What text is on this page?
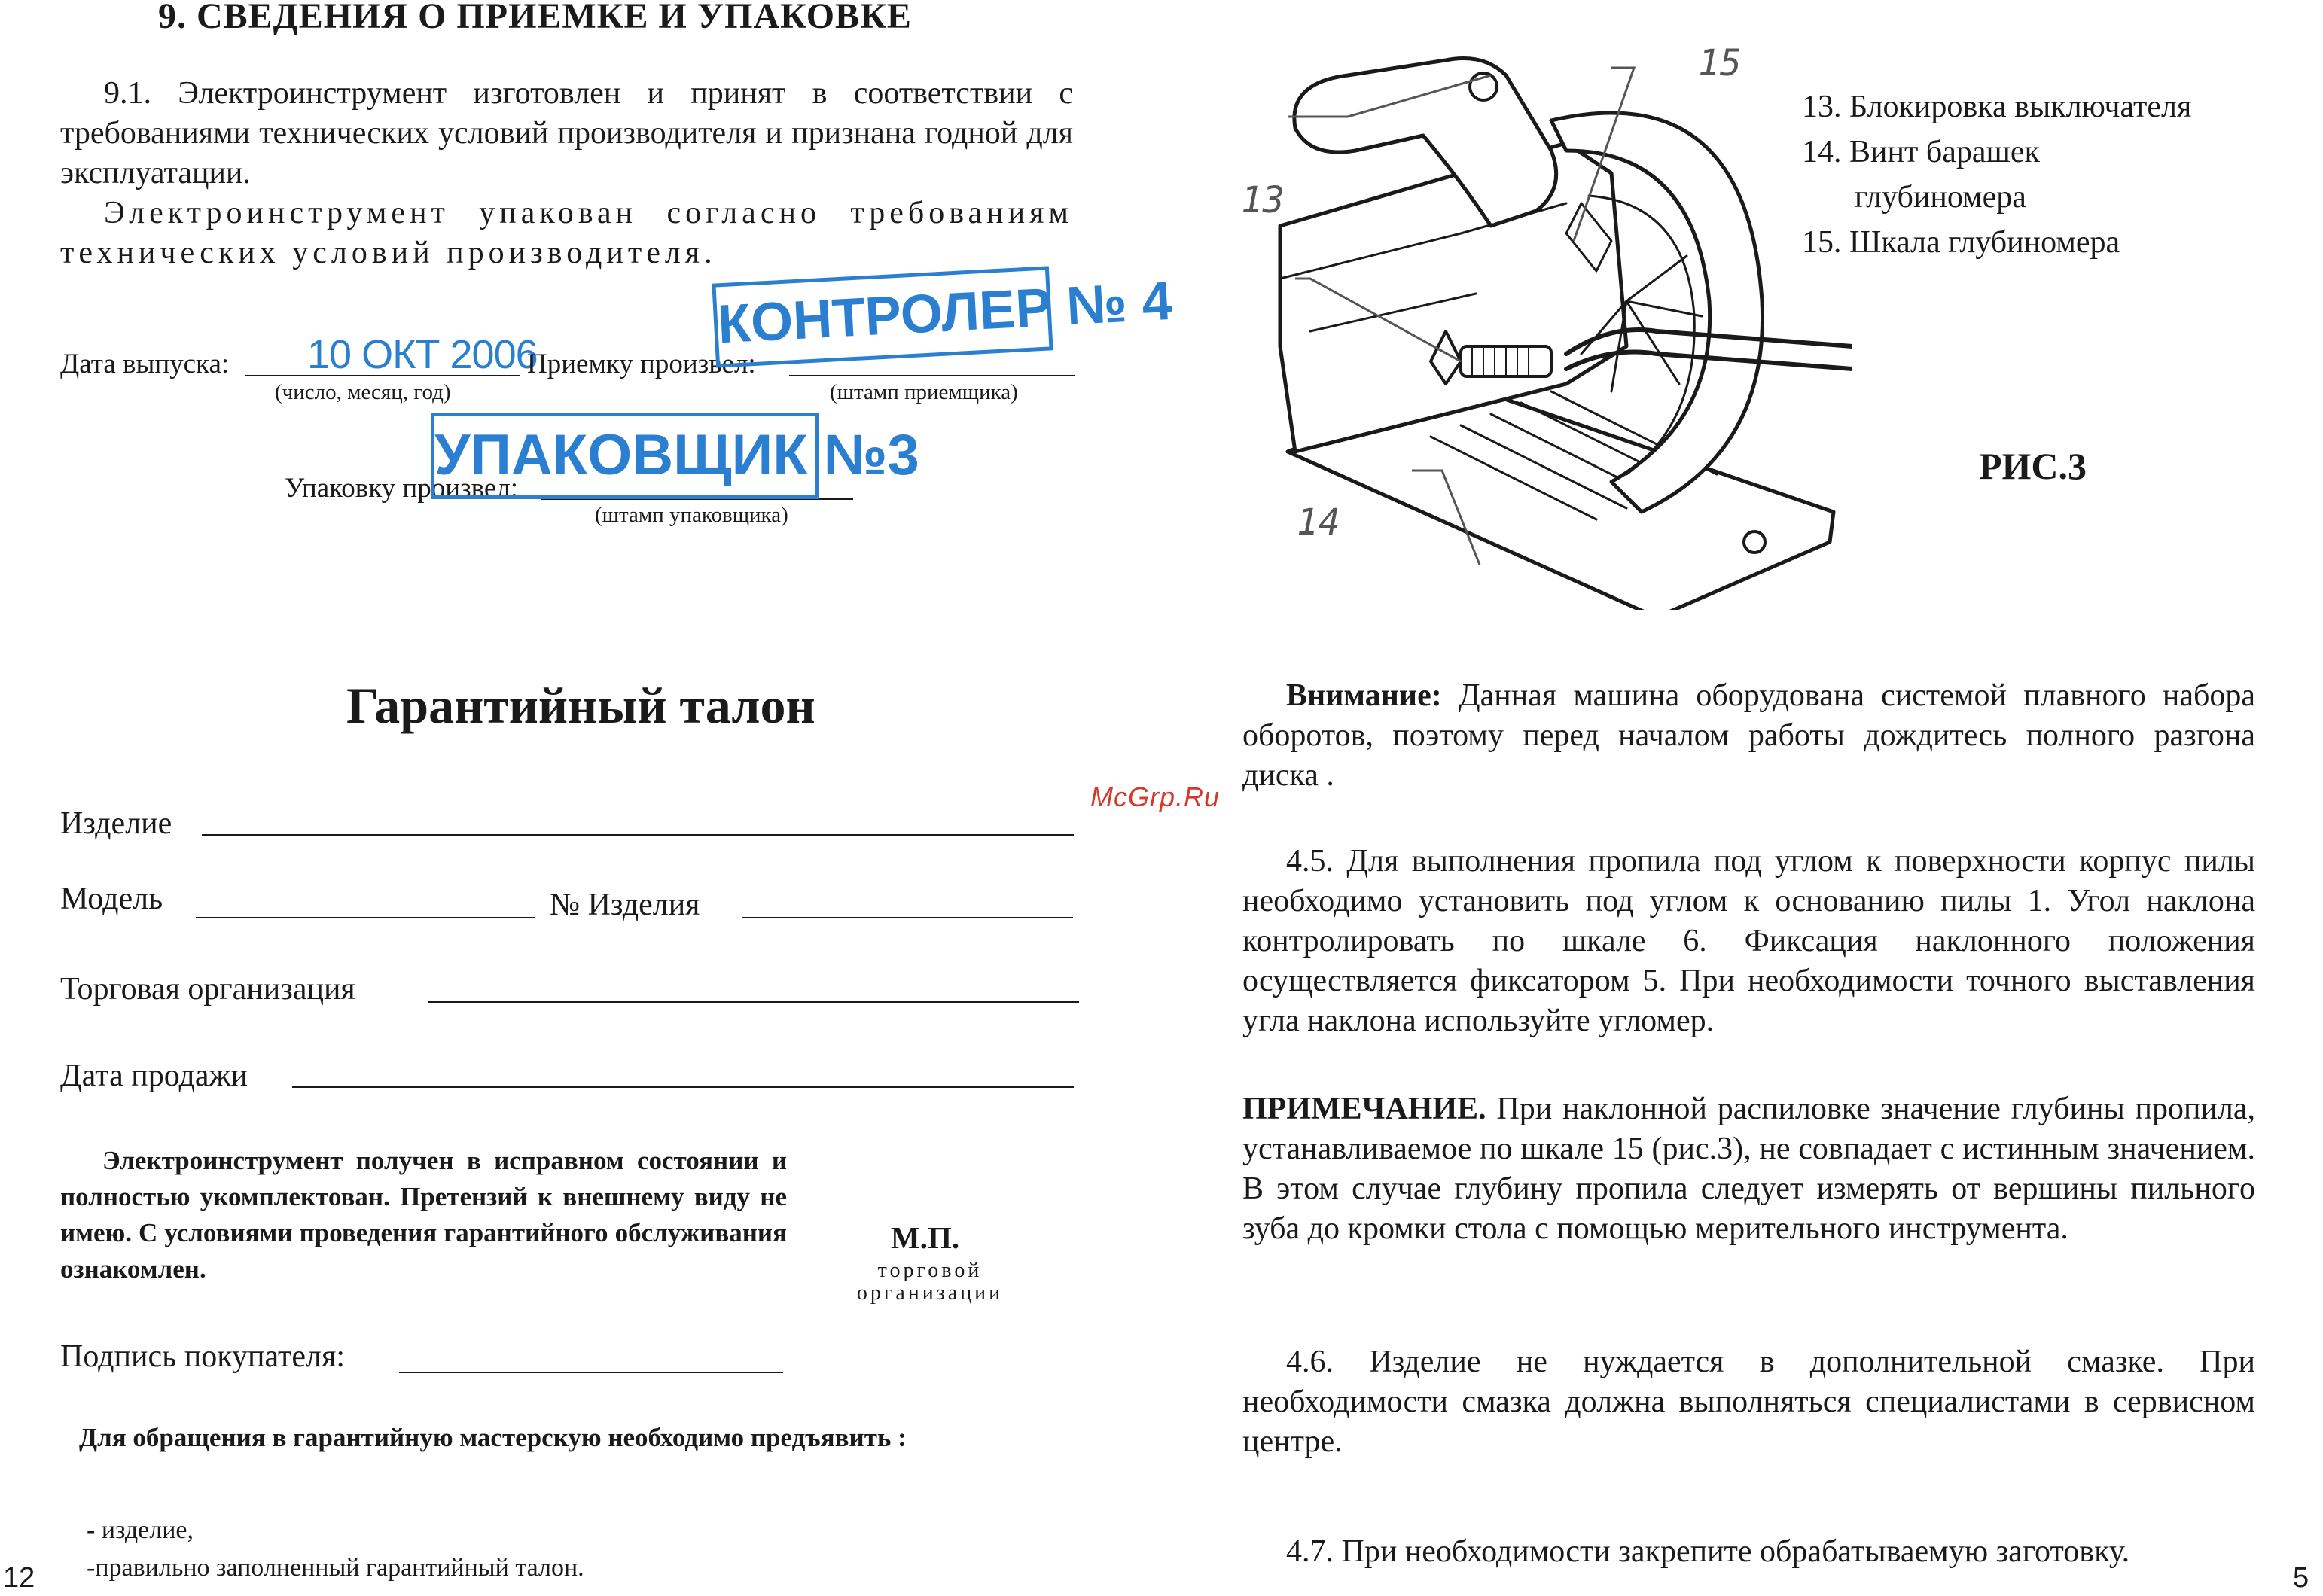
9. СВЕДЕНИЯ О ПРИЕМКЕ И УПАКОВКЕ
9.1. Электроинструмент изготовлен и принят в соответствии с требованиями технических условий производителя и признана годной для эксплуатации.
Электроинструмент упакован согласно требованиям технических условий производителя.
Дата выпуска: 10 ОКТ 2006
(число, месяц, год)
Приемку произвел:
(штамп приемщика)
Упаковку произвел:
(штамп упаковщика)
КОНТРОЛЕР № 4
УПАКОВЩИК №3
Гарантийный талон
Изделие
Модель	№ Изделия
Торговая организация
Дата продажи
Электроинструмент получен в исправном состоянии и полностью укомплектован. Претензий к внешнему виду не имею. С условиями проведения гарантийного обслуживания ознакомлен.
М.П.
торговой
организации
Подпись покупателя:
Для обращения в гарантийную мастерскую необходимо предъявить :
- изделие,
-правильно заполненный гарантийный талон.
12
McGrp.Ru
13
14
15
13. Блокировка выключателя
14. Винт барашек
глубиномера
15. Шкала глубиномера
РИС.3
Внимание: Данная машина оборудована системой плавного набора оборотов, поэтому перед началом работы дождитесь полного разгона диска .
4.5. Для выполнения пропила под углом к поверхности корпус пилы необходимо установить под углом к основанию пилы 1. Угол наклона контролировать по шкале 6. Фиксация наклонного положения осуществляется фиксатором 5. При необходимости точного выставления угла наклона используйте угломер.
ПРИМЕЧАНИЕ. При наклонной распиловке значение глубины пропила, устанавливаемое по шкале 15 (рис.3), не совпадает с истинным значением. В этом случае глубину пропила следует измерять от вершины пильного зуба до кромки стола с помощью мерительного инструмента.
4.6. Изделие не нуждается в дополнительной смазке. При необходимости смазка должна выполняться специалистами в сервисном центре.
4.7. При необходимости закрепите обрабатываемую заготовку.
5
